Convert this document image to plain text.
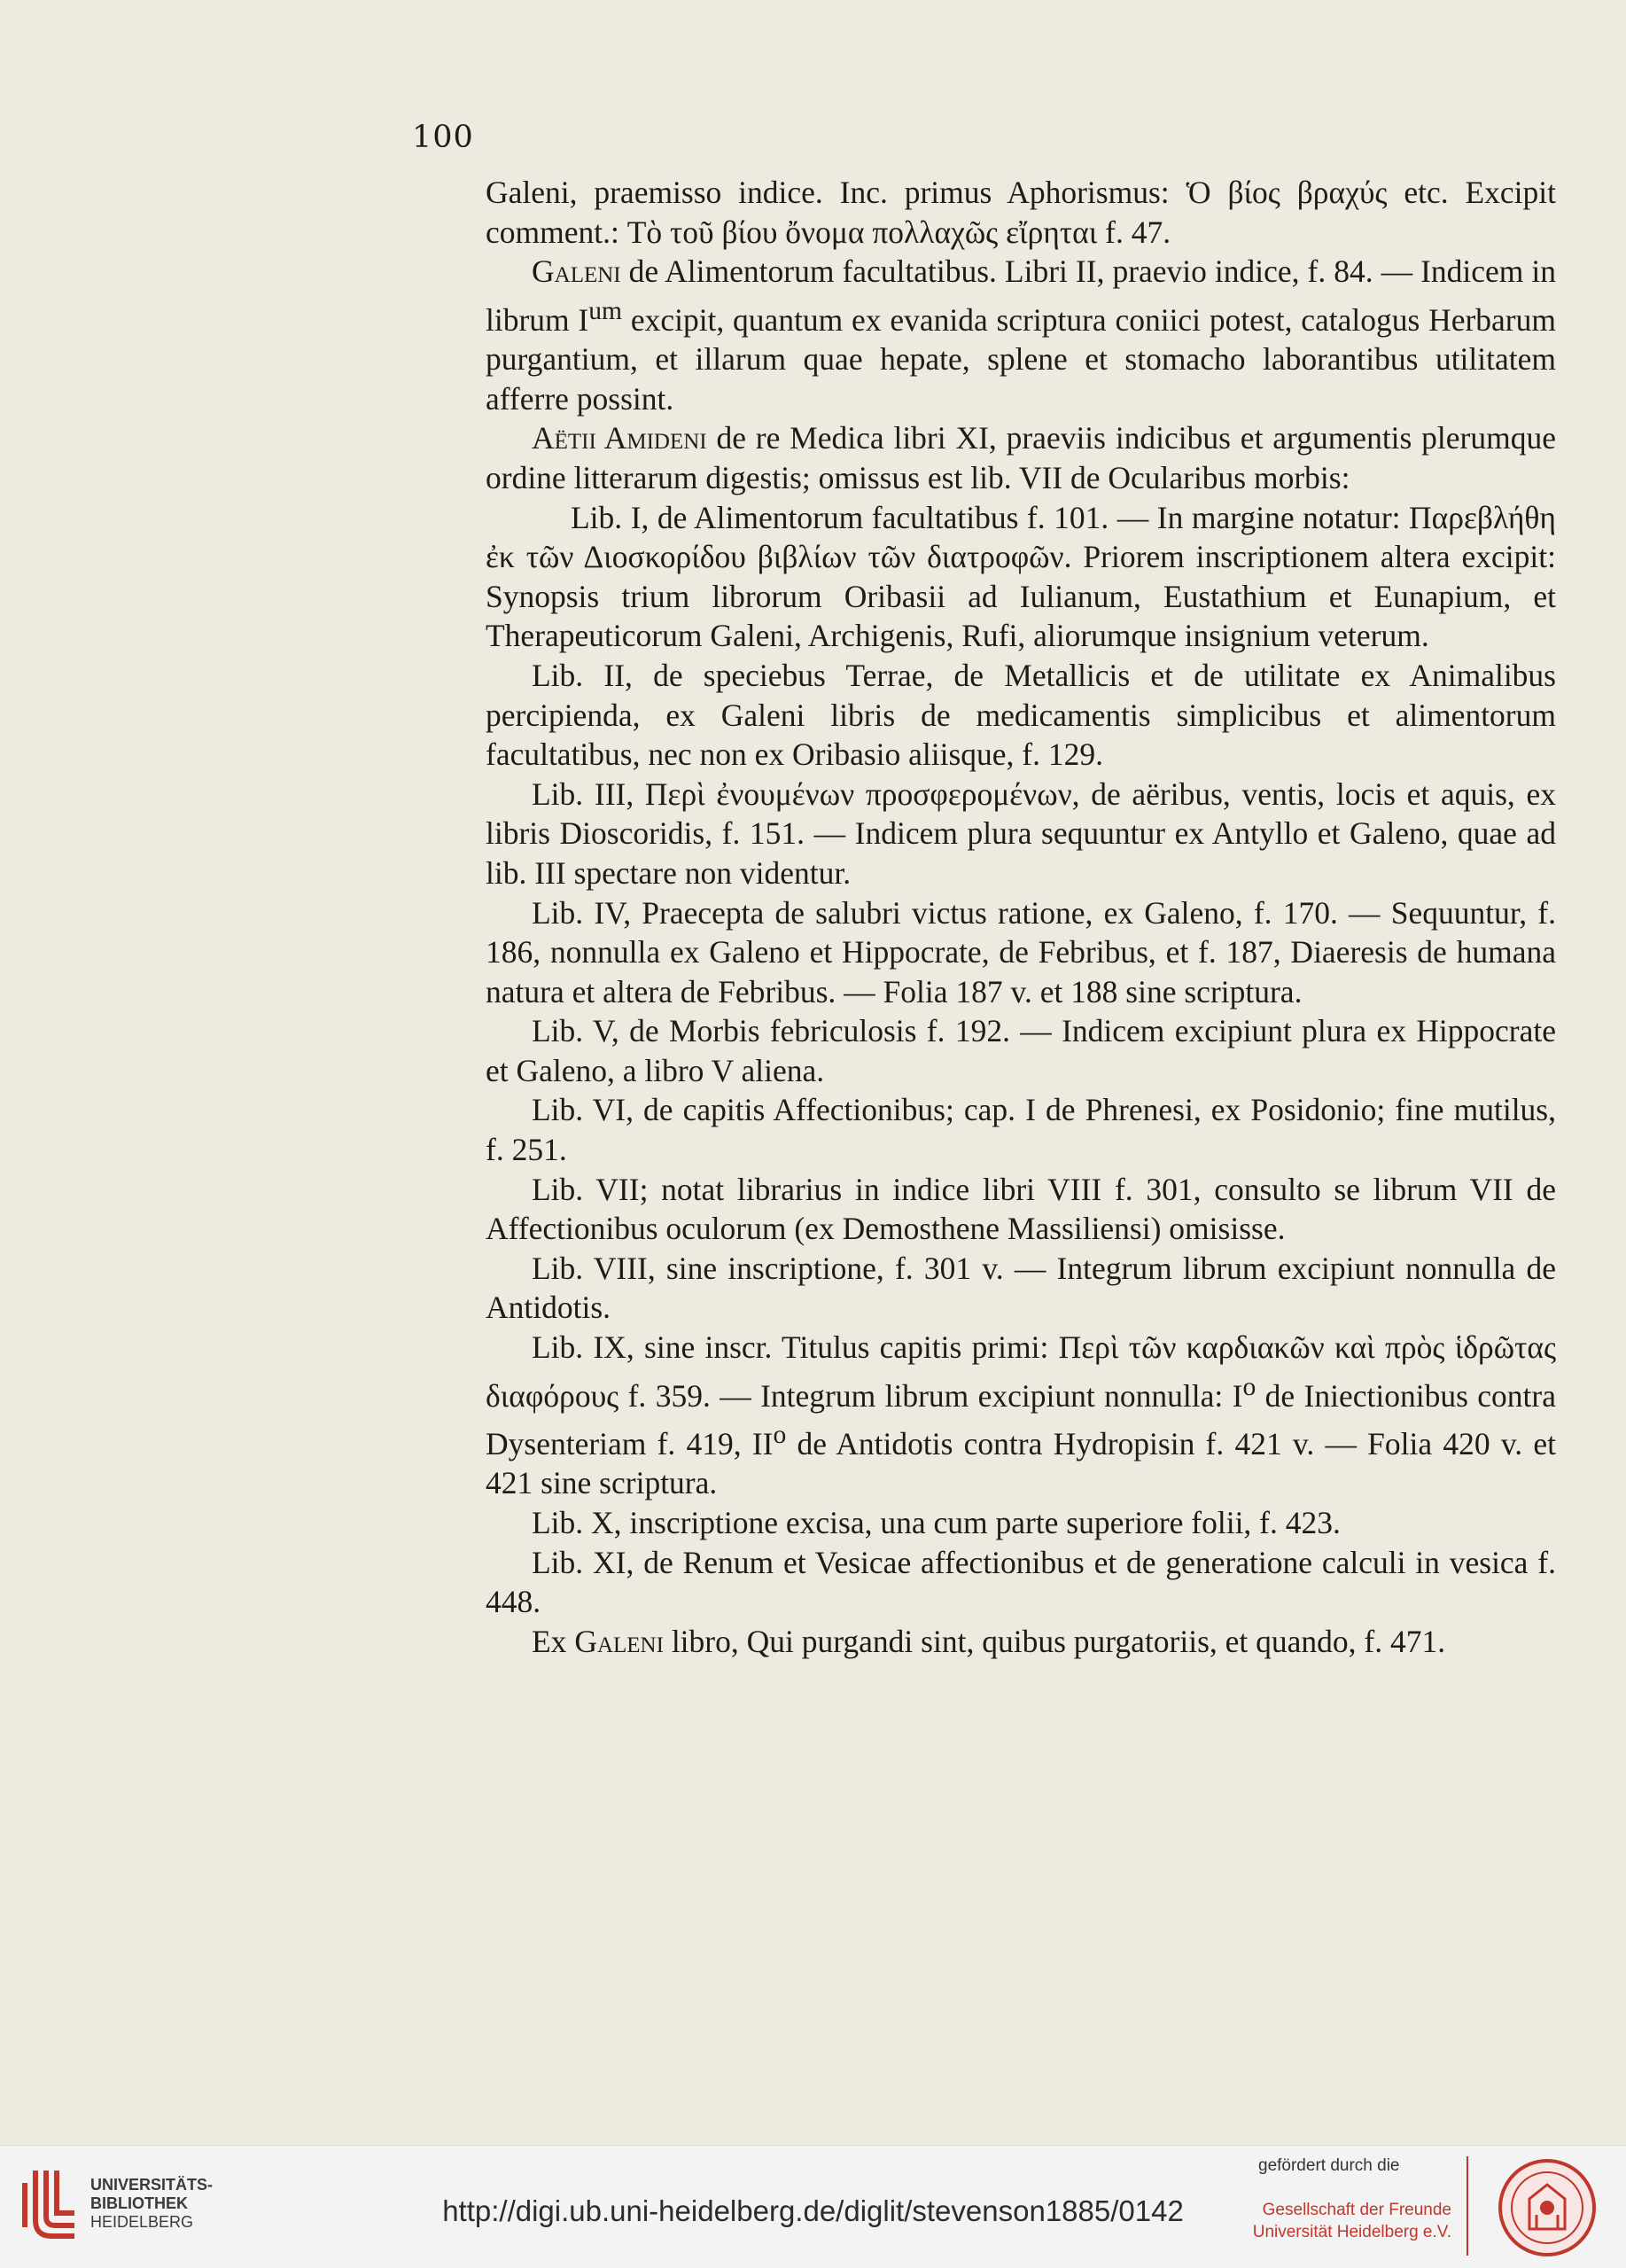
100

Galeni, praemisso indice. Inc. primus Aphorismus: Ὁ βίος βραχύς etc. Excipit comment.: Τὸ τοῦ βίου ὄνομα πολλαχῶς εἴρηται f. 47.

Galeni de Alimentorum facultatibus. Libri II, praevio indice, f. 84. — Indicem in librum $I^{um}$ excipit, quantum ex evanida scriptura coniici potest, catalogus Herbarum purgantium, et illarum quae hepate, splene et stomacho laborantibus utilitatem afferre possint.

Aëtii Amideni de re Medica libri XI, praeviis indicibus et argumentis plerumque ordine litterarum digestis; omissus est lib. VII de Ocularibus morbis:

Lib. I, de Alimentorum facultatibus f. 101. — In margine notatur: Παρεβλήθη ἐκ τῶν Διοσκορίδου βιβλίων τῶν διατροφῶν. Priorem inscriptionem altera excipit: Synopsis trium librorum Oribasii ad Iulianum, Eustathium et Eunapium, et Therapeuticorum Galeni, Archigenis, Rufi, aliorumque insignium veterum.

Lib. II, de speciebus Terrae, de Metallicis et de utilitate ex Animalibus percipienda, ex Galeni libris de medicamentis simplicibus et alimentorum facultatibus, nec non ex Oribasio aliisque, f. 129.

Lib. III, Περὶ ἐνουμένων προσφερομένων, de aëribus, ventis, locis et aquis, ex libris Dioscoridis, f. 151. — Indicem plura sequuntur ex Antyllo et Galeno, quae ad lib. III spectare non videntur.

Lib. IV, Praecepta de salubri victus ratione, ex Galeno, f. 170. — Sequuntur, f. 186, nonnulla ex Galeno et Hippocrate, de Febribus, et f. 187, Diaeresis de humana natura et altera de Febribus. — Folia 187 v. et 188 sine scriptura.

Lib. V, de Morbis febriculosis f. 192. — Indicem excipiunt plura ex Hippocrate et Galeno, a libro V aliena.

Lib. VI, de capitis Affectionibus; cap. I de Phrenesi, ex Posidonio; fine mutilus, f. 251.

Lib. VII; notat librarius in indice libri VIII f. 301, consulto se librum VII de Affectionibus oculorum (ex Demosthene Massiliensi) omisisse.

Lib. VIII, sine inscriptione, f. 301 v. — Integrum librum excipiunt nonnulla de Antidotis.

Lib. IX, sine inscr. Titulus capitis primi: Περὶ τῶν καρδιακῶν καὶ πρὸς ἱδρῶτας διαφόρους f. 359. — Integrum librum excipiunt nonnulla: $I^o$ de Iniectionibus contra Dysenteriam f. 419, $II^o$ de Antidotis contra Hydropisin f. 421 v. — Folia 420 v. et 421 sine scriptura.

Lib. X, inscriptione excisa, una cum parte superiore folii, f. 423.

Lib. XI, de Renum et Vesicae affectionibus et de generatione calculi in vesica f. 448.

Ex Galeni libro, Qui purgandi sint, quibus purgatoriis, et quando, f. 471.

UNIVERSITÄTS-
BIBLIOTHEK
HEIDELBERG	http://digi.ub.uni-heidelberg.de/diglit/stevenson1885/0142
gefördert durch die
Gesellschaft der Freunde
Universität Heidelberg e.V.
